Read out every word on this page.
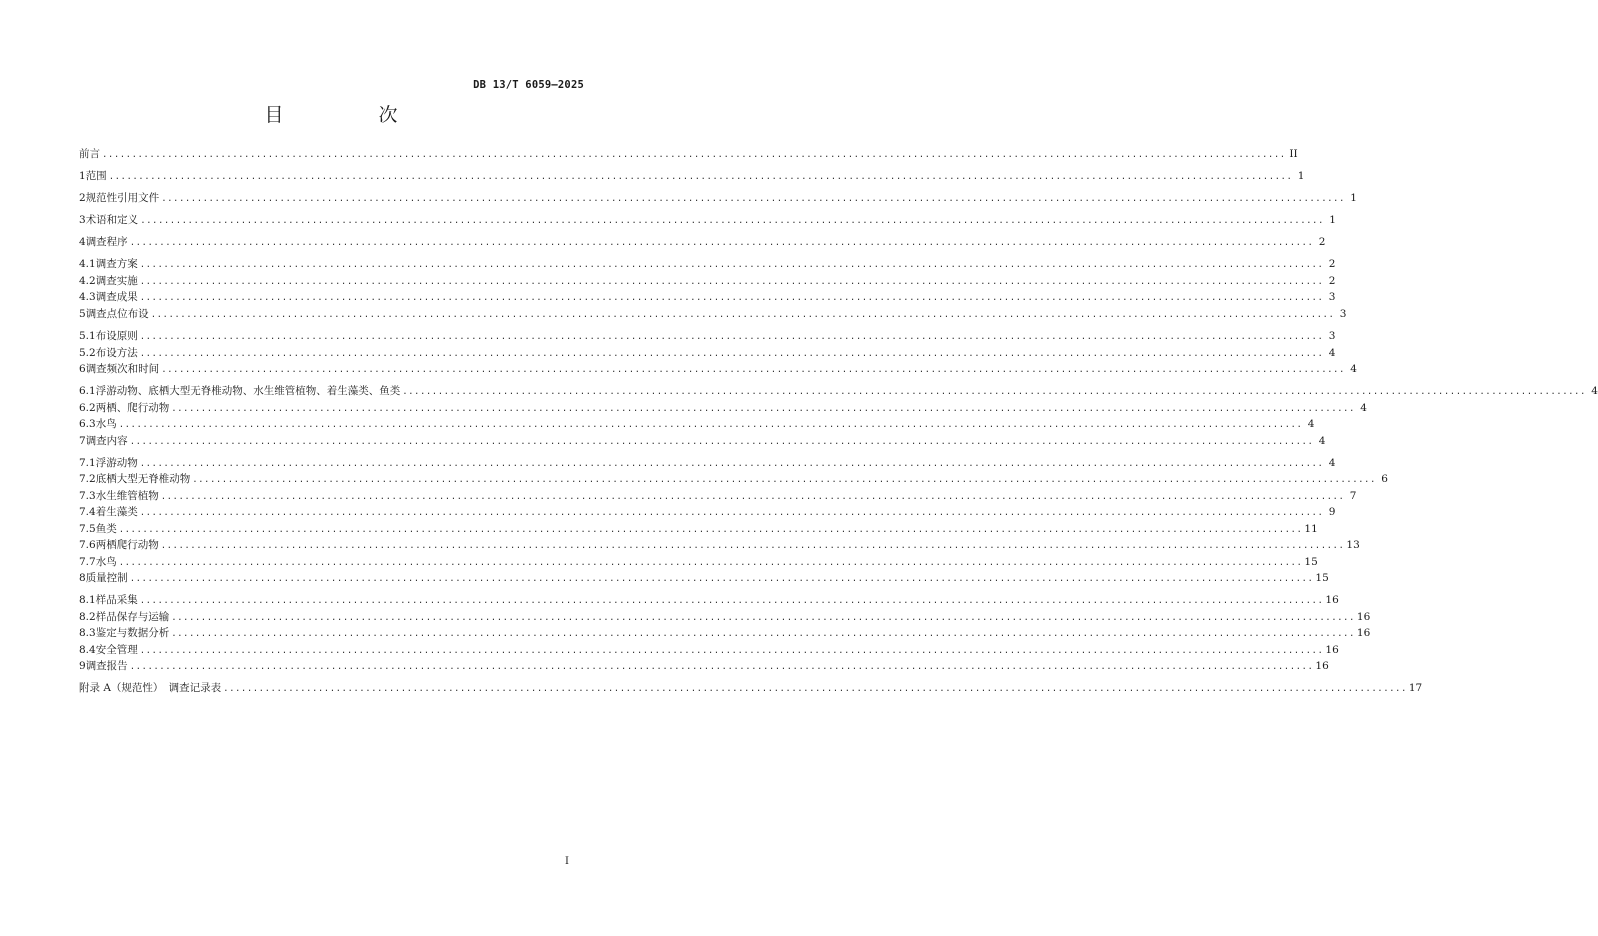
DB 13/T 6059—2025
目　次
前言 ........................................................................................................................................................................................................ II
1 范围 ........................................................................................................................................................................................................ 1
2 规范性引用文件 ........................................................................................................................................................................................................ 1
3 术语和定义 ........................................................................................................................................................................................................ 1
4 调查程序 ........................................................................................................................................................................................................ 2
4.1 调查方案 ........................................................................................................................................................................................................ 2
4.2 调查实施 ........................................................................................................................................................................................................ 2
4.3 调查成果 ........................................................................................................................................................................................................ 3
5 调查点位布设 ........................................................................................................................................................................................................ 3
5.1 布设原则 ........................................................................................................................................................................................................ 3
5.2 布设方法 ........................................................................................................................................................................................................ 4
6 调查频次和时间 ........................................................................................................................................................................................................ 4
6.1 浮游动物、底栖大型无脊椎动物、水生维管植物、着生藻类、鱼类 ........................................................................................................................................................................................................ 4
6.2 两栖、爬行动物 ........................................................................................................................................................................................................ 4
6.3 水鸟 ........................................................................................................................................................................................................ 4
7 调查内容 ........................................................................................................................................................................................................ 4
7.1 浮游动物 ........................................................................................................................................................................................................ 4
7.2 底栖大型无脊椎动物 ........................................................................................................................................................................................................ 6
7.3 水生维管植物 ........................................................................................................................................................................................................ 7
7.4 着生藻类 ........................................................................................................................................................................................................ 9
7.5 鱼类 ........................................................................................................................................................................................................ 11
7.6 两栖爬行动物 ........................................................................................................................................................................................................ 13
7.7 水鸟 ........................................................................................................................................................................................................ 15
8 质量控制 ........................................................................................................................................................................................................ 15
8.1 样品采集 ........................................................................................................................................................................................................ 16
8.2 样品保存与运输 ........................................................................................................................................................................................................ 16
8.3 鉴定与数据分析 ........................................................................................................................................................................................................ 16
8.4 安全管理 ........................................................................................................................................................................................................ 16
9 调查报告 ........................................................................................................................................................................................................ 16
附录 A（规范性）　调查记录表 ........................................................................................................................................................................................................ 17
I
